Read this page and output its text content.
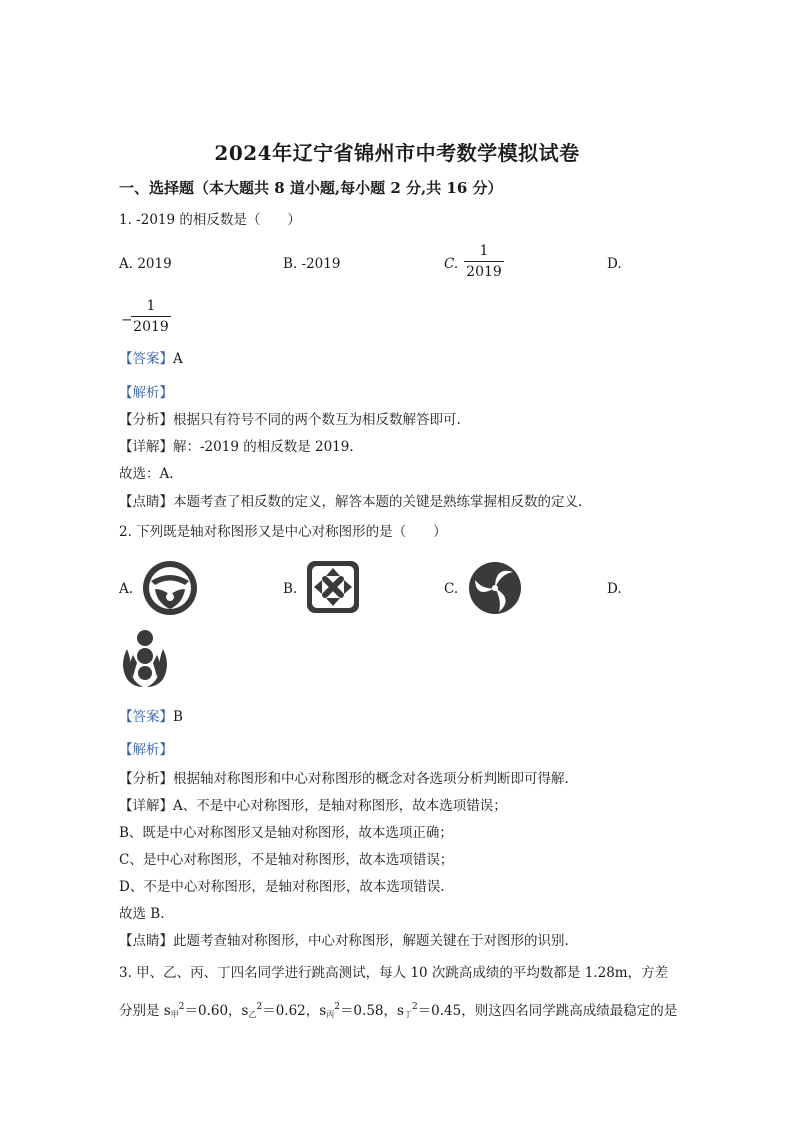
2024年辽宁省锦州市中考数学模拟试卷
一、选择题（本大题共 8 道小题,每小题 2 分,共 16 分）
1. -2019 的相反数是（　　）
A. 2019	B. -2019	C.
1
2019	D.
−
1
2019
【答案】A
【解析】
【分析】根据只有符号不同的两个数互为相反数解答即可.
【详解】解：-2019 的相反数是 2019.
故选：A.
【点睛】本题考查了相反数的定义，解答本题的关键是熟练掌握相反数的定义.
2. 下列既是轴对称图形又是中心对称图形的是（　　）
A.	B.	C.	D.
【答案】B
【解析】
【分析】根据轴对称图形和中心对称图形的概念对各选项分析判断即可得解.
【详解】A、不是中心对称图形，是轴对称图形，故本选项错误；
B、既是中心对称图形又是轴对称图形，故本选项正确；
C、是中心对称图形，不是轴对称图形，故本选项错误；
D、不是中心对称图形，是轴对称图形，故本选项错误.
故选 B.
【点睛】此题考查轴对称图形，中心对称图形，解题关键在于对图形的识别.
3. 甲、乙、丙、丁四名同学进行跳高测试，每人 10 次跳高成绩的平均数都是 1.28m，方差
分别是 $s_甲^2=0.60$，$s_乙^2=0.62$，$s_丙^2=0.58$，$s_丁^2=0.45$，则这四名同学跳高成绩最稳定的是
